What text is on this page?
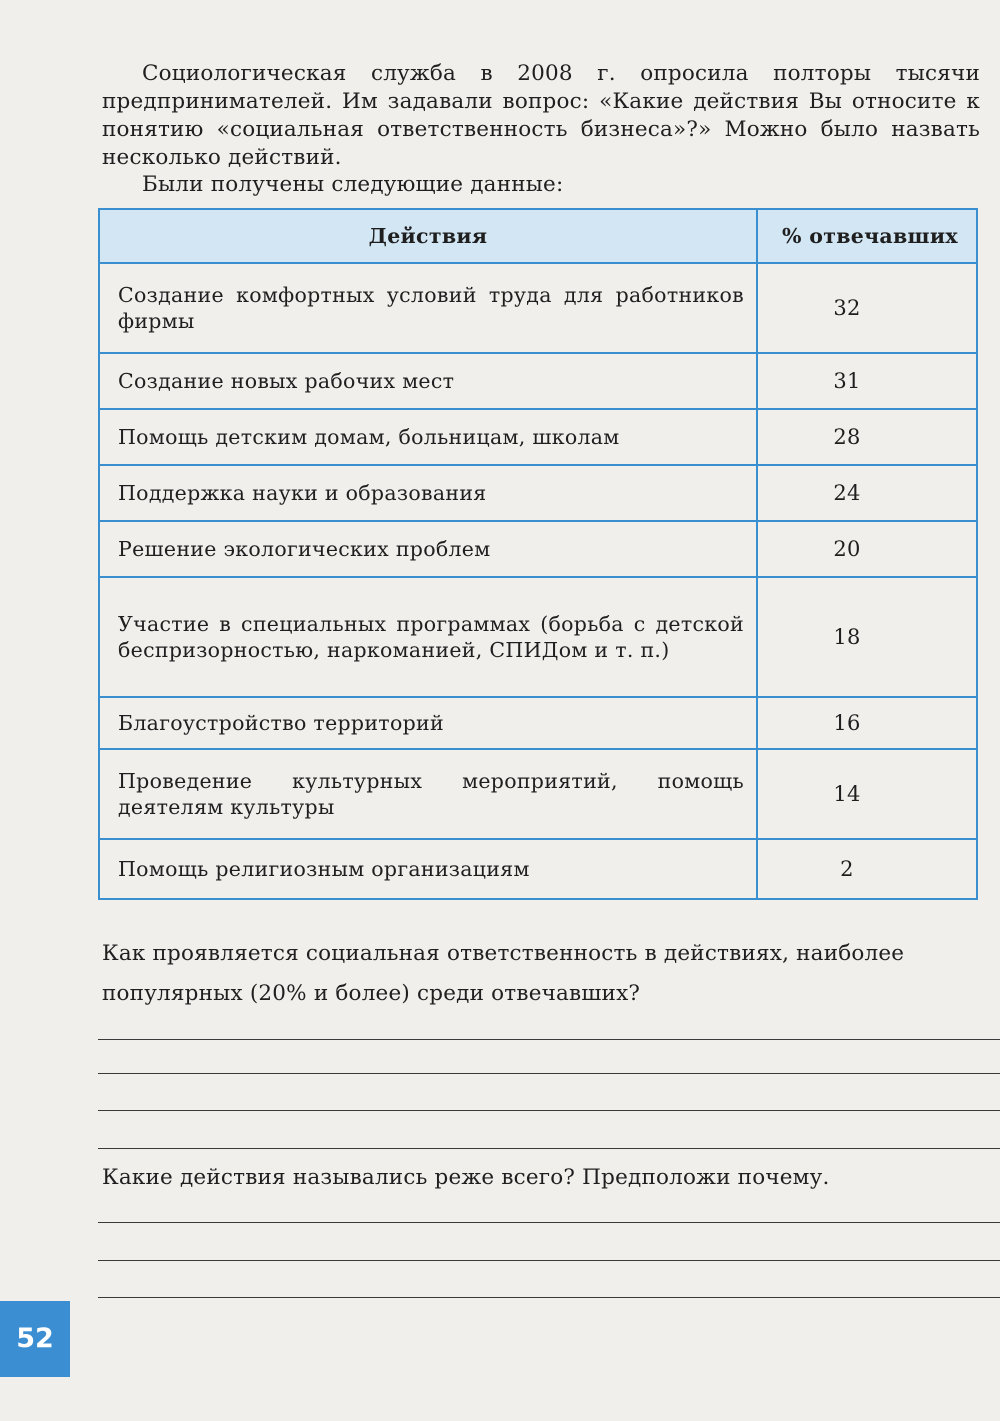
Социологическая служба в 2008 г. опросила полторы тысячи предпринимателей. Им задавали вопрос: «Какие действия Вы относите к понятию «социальная ответственность бизнеса»?» Можно было назвать несколько действий.

Были получены следующие данные:

Действия	% отвечавших
Создание комфортных условий труда для работников фирмы	32
Создание новых рабочих мест	31
Помощь детским домам, больницам, школам	28
Поддержка науки и образования	24
Решение экологических проблем	20
Участие в специальных программах (борьба с детской беспризорностью, наркоманией, СПИДом и т. п.)	18
Благоустройство территорий	16
Проведение культурных мероприятий, помощь деятелям культуры	14
Помощь религиозным организациям	2

Как проявляется социальная ответственность в действиях, наиболее популярных (20% и более) среди отвечавших?

Какие действия назывались реже всего? Предположи почему.

52
